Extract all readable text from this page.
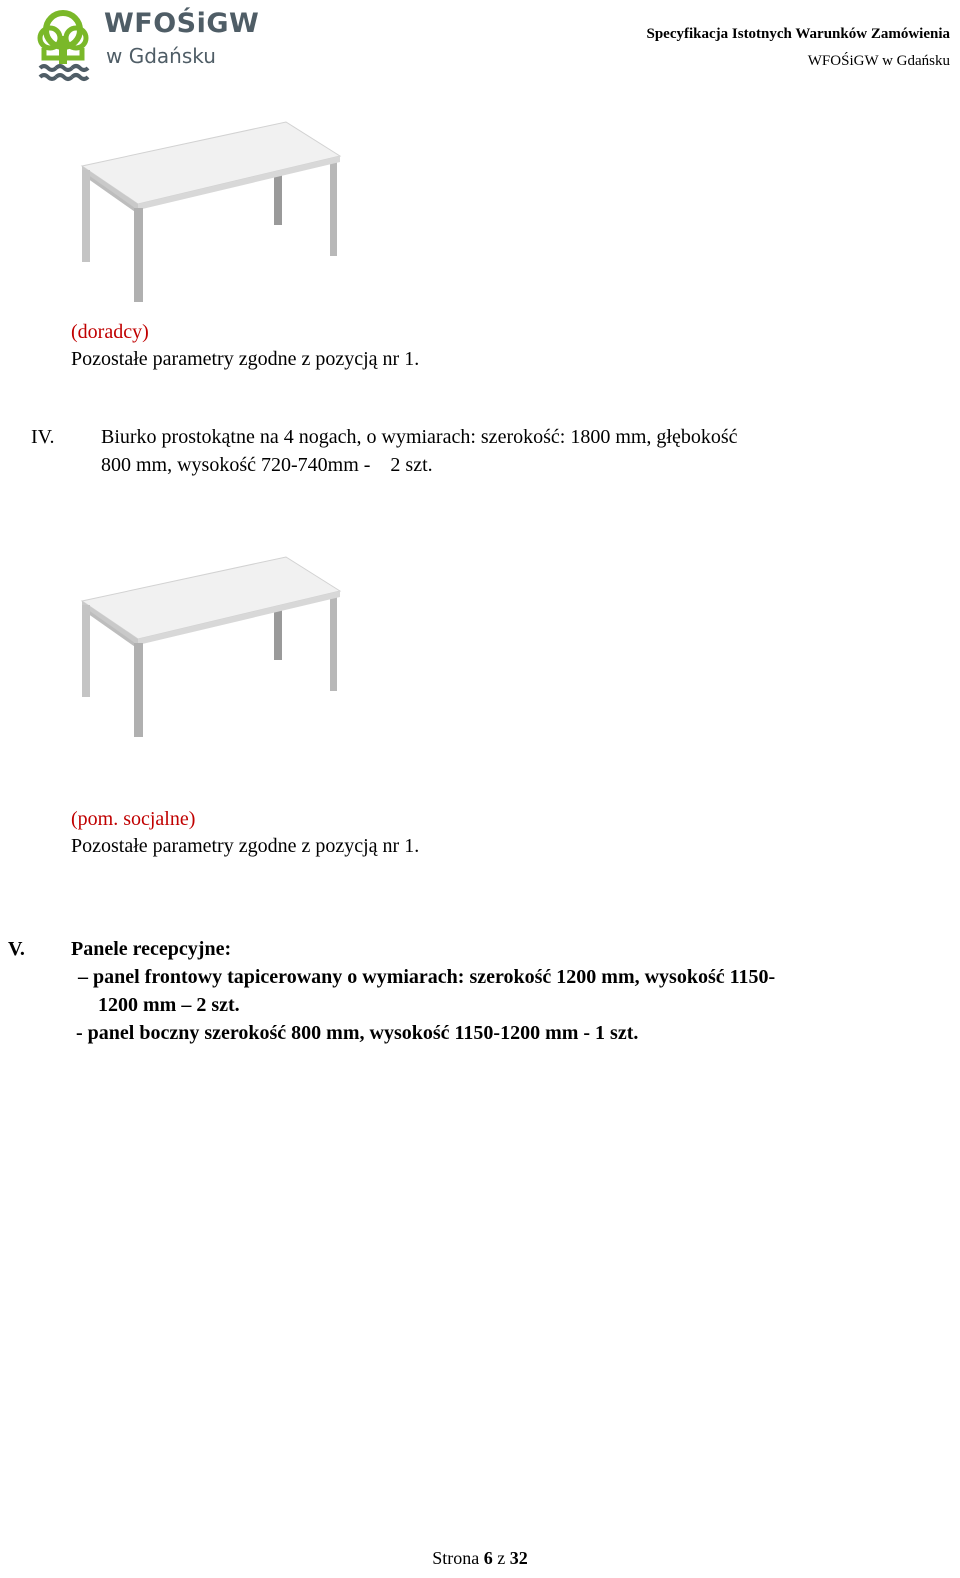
WFOŚiGW
w Gdańsku
Specyfikacja Istotnych Warunków Zamówienia
WFOŚiGW w Gdańsku
(doradcy)
Pozostałe parametry zgodne z pozycją nr 1.
IV. Biurko prostokątne na 4 nogach, o wymiarach: szerokość: 1800 mm, głębokość
800 mm, wysokość 720-740mm -    2 szt.
(pom. socjalne)
Pozostałe parametry zgodne z pozycją nr 1.
V. Panele recepcyjne:
– panel frontowy tapicerowany o wymiarach: szerokość 1200 mm, wysokość 1150-
1200 mm – 2 szt.
- panel boczny szerokość 800 mm, wysokość 1150-1200 mm - 1 szt.
Strona 6 z 32
